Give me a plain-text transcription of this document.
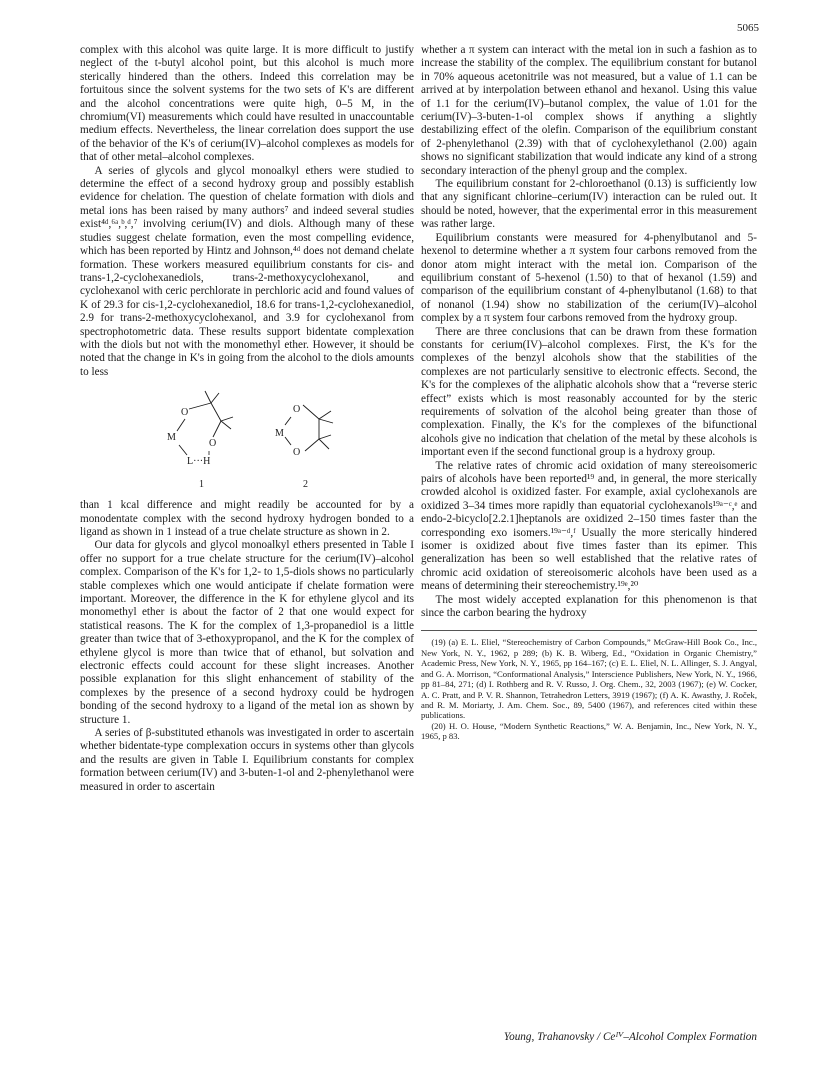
5065

complex with this alcohol was quite large. It is more difficult to justify neglect of the t-butyl alcohol point, but this alcohol is much more sterically hindered than the others. Indeed this correlation may be fortuitous since the solvent systems for the two sets of K's are different and the alcohol concentrations were quite high, 0–5 M, in the chromium(VI) measurements which could have resulted in unaccountable medium effects. Nevertheless, the linear correlation does support the use of the behavior of the K's of cerium(IV)–alcohol complexes as models for that of other metal–alcohol complexes.

A series of glycols and glycol monoalkyl ethers were studied to determine the effect of a second hydroxy group and possibly establish evidence for chelation. The question of chelate formation with diols and metal ions has been raised by many authors⁷ and indeed several studies exist⁴ᵈ,⁶ᵃ,ᵇ,ᵈ,⁷ involving cerium(IV) and diols. Although many of these studies suggest chelate formation, even the most compelling evidence, which has been reported by Hintz and Johnson,⁴ᵈ does not demand chelate formation. These workers measured equilibrium constants for cis- and trans-1,2-cyclohexanediols, trans-2-methoxycyclohexanol, and cyclohexanol with ceric perchlorate in perchloric acid and found values of K of 29.3 for cis-1,2-cyclohexanediol, 18.6 for trans-1,2-cyclohexanediol, 2.9 for trans-2-methoxycyclohexanol, and 3.9 for cyclohexanol from spectrophotometric data. These results support bidentate complexation with the diols but not with the monomethyl ether. However, it should be noted that the change in K's in going from the alcohol to the diols amounts to less

O
M
O
L···H
1
O
M
O
2

than 1 kcal difference and might readily be accounted for by a monodentate complex with the second hydroxy hydrogen bonded to a ligand as shown in 1 instead of a true chelate structure as shown in 2.

Our data for glycols and glycol monoalkyl ethers presented in Table I offer no support for a true chelate structure for the cerium(IV)–alcohol complex. Comparison of the K's for 1,2- to 1,5-diols shows no particularly stable complexes which one would anticipate if chelate formation were important. Moreover, the difference in the K for ethylene glycol and its monomethyl ether is about the factor of 2 that one would expect for statistical reasons. The K for the complex of 1,3-propanediol is a little greater than twice that of 3-ethoxypropanol, and the K for the complex of ethylene glycol is more than twice that of ethanol, but solvation and electronic effects could account for these slight increases. Another possible explanation for this slight enhancement of stability of the complexes by the presence of a second hydroxy could be hydrogen bonding of the second hydroxy to a ligand of the metal ion as shown by structure 1.

A series of β-substituted ethanols was investigated in order to ascertain whether bidentate-type complexation occurs in systems other than glycols and the results are given in Table I. Equilibrium constants for complex formation between cerium(IV) and 3-buten-1-ol and 2-phenylethanol were measured in order to ascertain

whether a π system can interact with the metal ion in such a fashion as to increase the stability of the complex. The equilibrium constant for butanol in 70% aqueous acetonitrile was not measured, but a value of 1.1 can be arrived at by interpolation between ethanol and hexanol. Using this value of 1.1 for the cerium(IV)–butanol complex, the value of 1.01 for the cerium(IV)–3-buten-1-ol complex shows if anything a slightly destabilizing effect of the olefin. Comparison of the equilibrium constant of 2-phenylethanol (2.39) with that of cyclohexylethanol (2.00) again shows no significant stabilization that would indicate any kind of a strong secondary interaction of the phenyl group and the complex.

The equilibrium constant for 2-chloroethanol (0.13) is sufficiently low that any significant chlorine–cerium(IV) interaction can be ruled out. It should be noted, however, that the experimental error in this measurement was rather large.

Equilibrium constants were measured for 4-phenylbutanol and 5-hexenol to determine whether a π system four carbons removed from the donor atom might interact with the metal ion. Comparison of the equilibrium constant of 5-hexenol (1.50) to that of hexanol (1.59) and comparison of the equilibrium constant of 4-phenylbutanol (1.68) to that of nonanol (1.94) show no stabilization of the cerium(IV)–alcohol complex by a π system four carbons removed from the hydroxy group.

There are three conclusions that can be drawn from these formation constants for cerium(IV)–alcohol complexes. First, the K's for the complexes of the benzyl alcohols show that the stabilities of the complexes are not particularly sensitive to electronic effects. Second, the K's for the complexes of the aliphatic alcohols show that a “reverse steric effect” exists which is most reasonably accounted for by the steric requirements of solvation of the alcohol being greater than those of complexation. Finally, the K's for the complexes of the bifunctional alcohols give no indication that chelation of the metal by these alcohols is important even if the second functional group is a hydroxy group.

The relative rates of chromic acid oxidation of many stereoisomeric pairs of alcohols have been reported¹⁹ and, in general, the more sterically crowded alcohol is oxidized faster. For example, axial cyclohexanols are oxidized 3–34 times more rapidly than equatorial cyclohexanols¹⁹ᵃ⁻ᶜ,ᵉ and endo-2-bicyclo[2.2.1]heptanols are oxidized 2–150 times faster than the corresponding exo isomers.¹⁹ᵃ⁻ᵈ,ᶠ Usually the more sterically hindered isomer is oxidized about five times faster than its epimer. This generalization has been so well established that the relative rates of chromic acid oxidation of stereoisomeric alcohols have been used as a means of determining their stereochemistry.¹⁹ᵉ,²⁰

The most widely accepted explanation for this phenomenon is that since the carbon bearing the hydroxy

(19) (a) E. L. Eliel, “Stereochemistry of Carbon Compounds,” McGraw-Hill Book Co., Inc., New York, N. Y., 1962, p 289; (b) K. B. Wiberg, Ed., “Oxidation in Organic Chemistry,” Academic Press, New York, N. Y., 1965, pp 164–167; (c) E. L. Eliel, N. L. Allinger, S. J. Angyal, and G. A. Morrison, “Conformational Analysis,” Interscience Publishers, New York, N. Y., 1966, pp 81–84, 271; (d) I. Rothberg and R. V. Russo, J. Org. Chem., 32, 2003 (1967); (e) W. Cocker, A. C. Pratt, and P. V. R. Shannon, Tetrahedron Letters, 3919 (1967); (f) A. K. Awasthy, J. Roček, and R. M. Moriarty, J. Am. Chem. Soc., 89, 5400 (1967), and references cited within these publications.

(20) H. O. House, “Modern Synthetic Reactions,” W. A. Benjamin, Inc., New York, N. Y., 1965, p 83.

Young, Trahanovsky / Ceᴵⱽ–Alcohol Complex Formation
